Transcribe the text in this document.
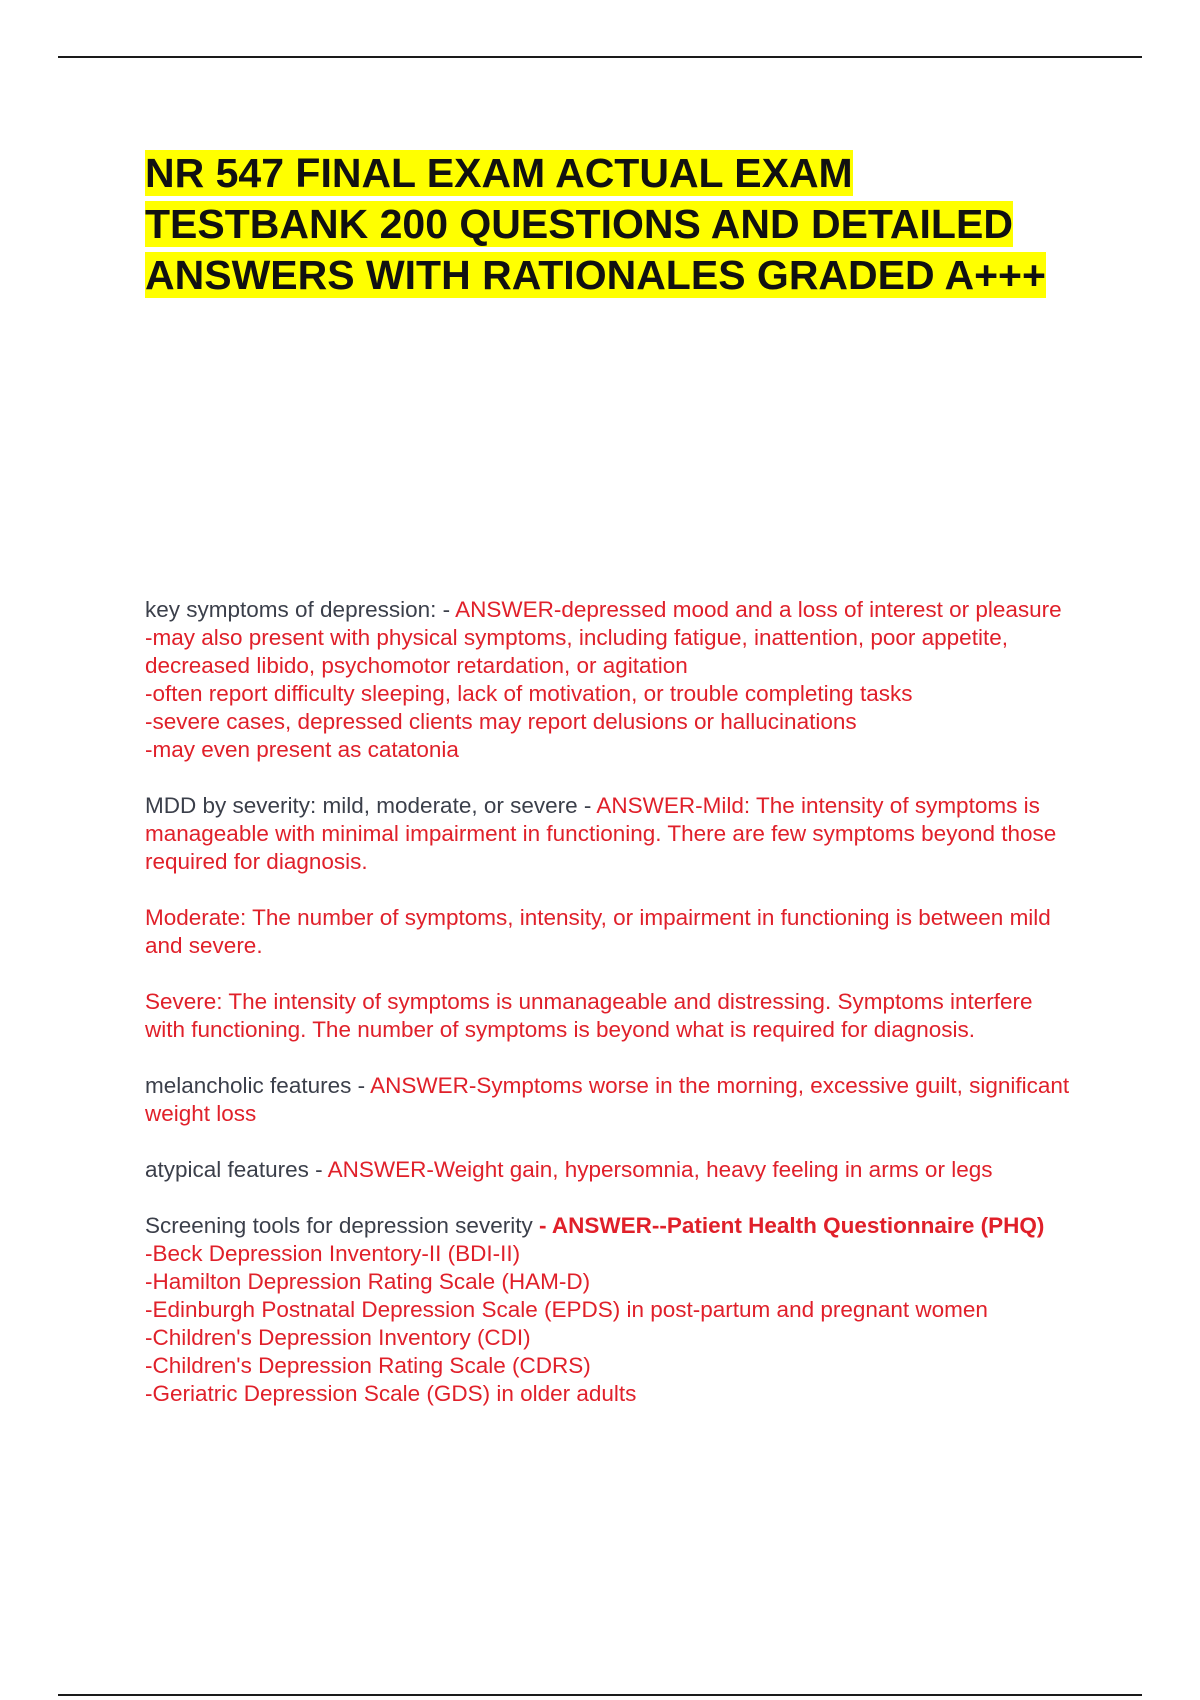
NR 547 FINAL EXAM ACTUAL EXAM TESTBANK 200 QUESTIONS AND DETAILED ANSWERS WITH RATIONALES GRADED A+++
key symptoms of depression: - ANSWER-depressed mood and a loss of interest or pleasure
-may also present with physical symptoms, including fatigue, inattention, poor appetite, decreased libido, psychomotor retardation, or agitation
-often report difficulty sleeping, lack of motivation, or trouble completing tasks
-severe cases, depressed clients may report delusions or hallucinations
-may even present as catatonia
MDD by severity: mild, moderate, or severe - ANSWER-Mild: The intensity of symptoms is manageable with minimal impairment in functioning. There are few symptoms beyond those required for diagnosis.
Moderate: The number of symptoms, intensity, or impairment in functioning is between mild and severe.
Severe: The intensity of symptoms is unmanageable and distressing. Symptoms interfere with functioning. The number of symptoms is beyond what is required for diagnosis.
melancholic features - ANSWER-Symptoms worse in the morning, excessive guilt, significant weight loss
atypical features - ANSWER-Weight gain, hypersomnia, heavy feeling in arms or legs
Screening tools for depression severity - ANSWER--Patient Health Questionnaire (PHQ)
-Beck Depression Inventory-II (BDI-II)
-Hamilton Depression Rating Scale (HAM-D)
-Edinburgh Postnatal Depression Scale (EPDS) in post-partum and pregnant women
-Children's Depression Inventory (CDI)
-Children's Depression Rating Scale (CDRS)
-Geriatric Depression Scale (GDS) in older adults
